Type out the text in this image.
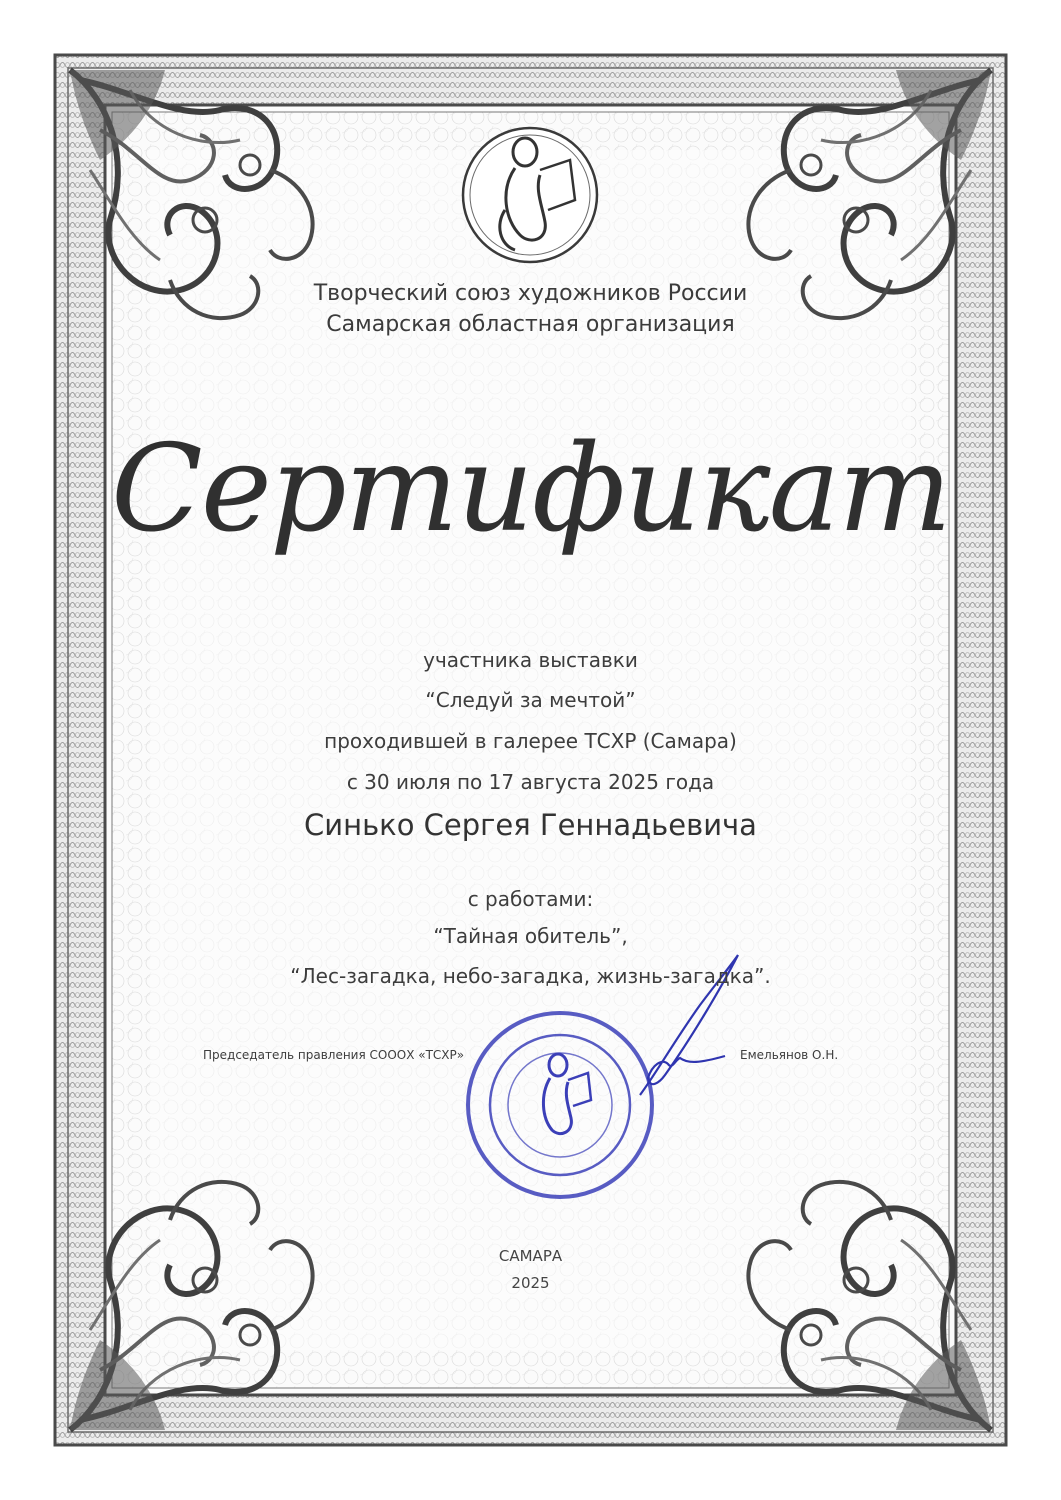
Творческий союз художников России
Самарская областная организация
Сертификат
участника выставки
“Следуй за мечтой”
проходившей в галерее ТСХР (Самара)
с 30 июля по 17 августа 2025 года
Синько Сергея Геннадьевича
с работами:
“Тайная обитель”,
“Лес-загадка, небо-загадка, жизнь-загадка”.
Председатель правления СОООХ «ТСХР»	Емельянов О.Н.
САМАРА
2025
